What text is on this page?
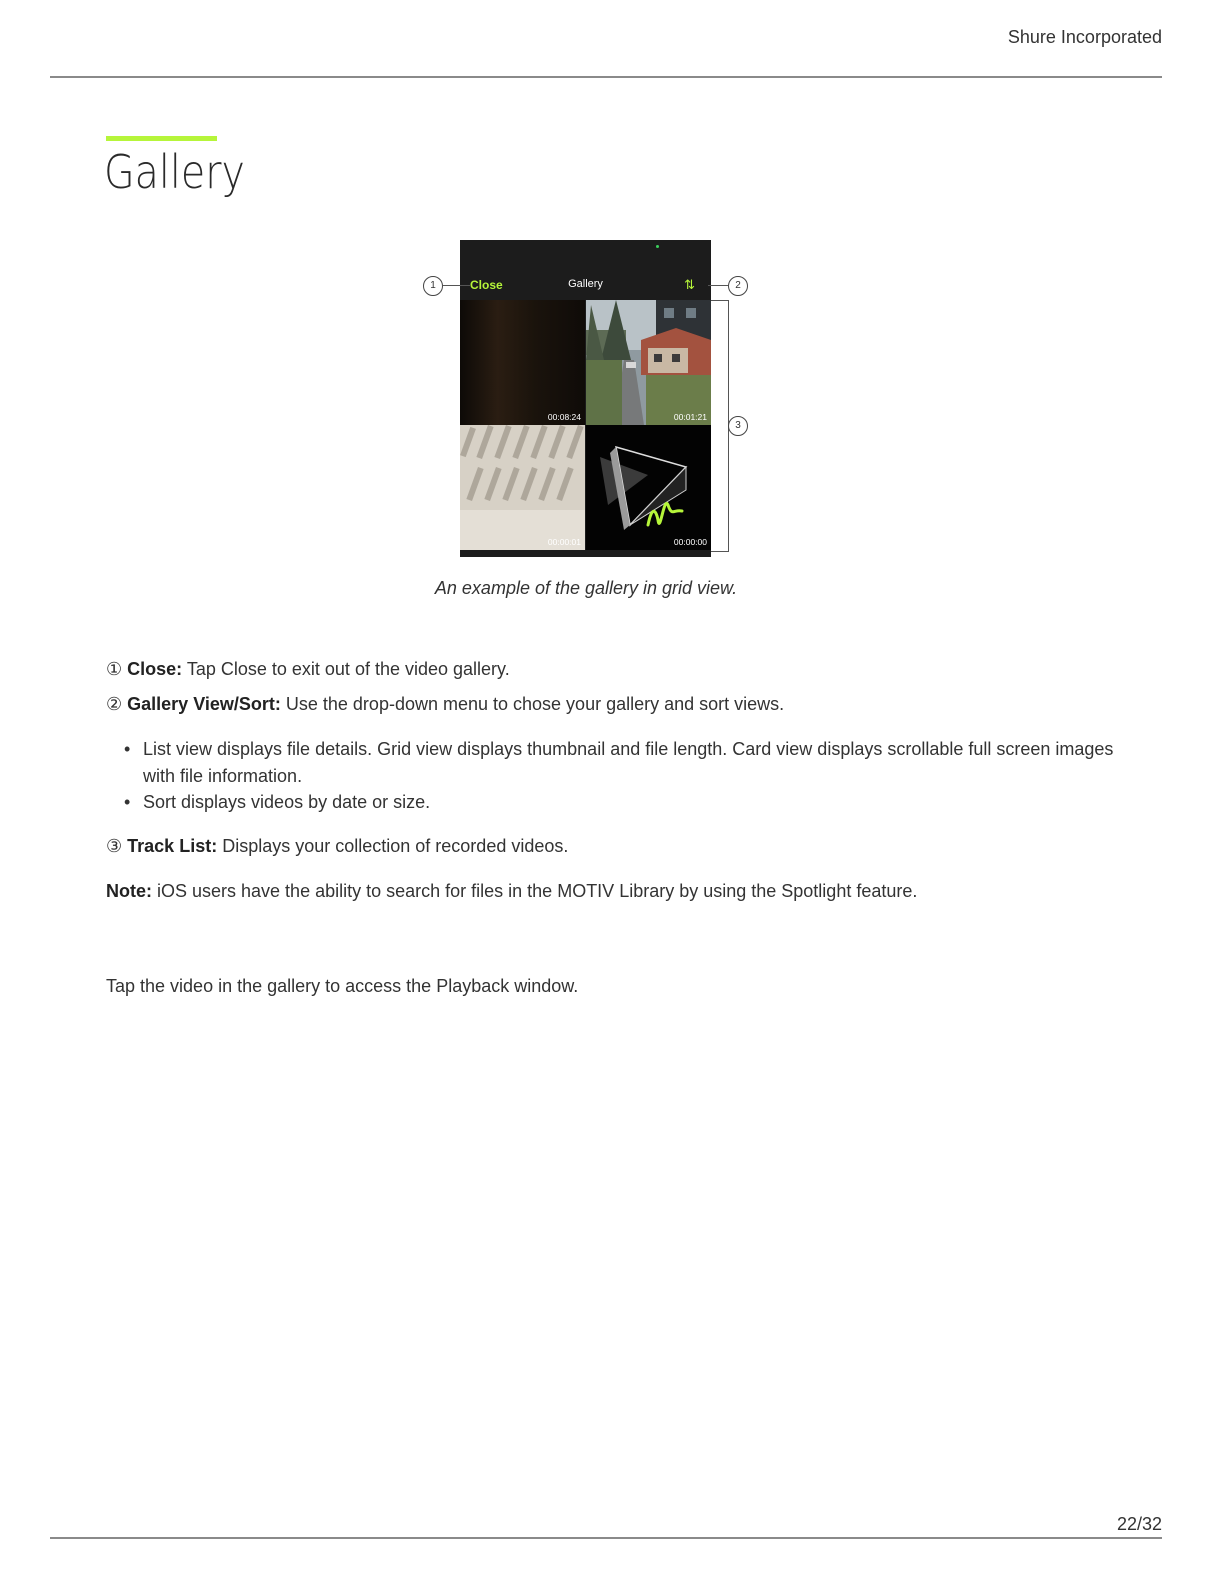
Shure Incorporated
Gallery
Close	Gallery	⇅
00:08:24	00:01:21
00:00:01	00:00:00
1	2
3
An example of the gallery in grid view.
① Close: Tap Close to exit out of the video gallery.
② Gallery View/Sort: Use the drop-down menu to chose your gallery and sort views.
• List view displays file details. Grid view displays thumbnail and file length. Card view displays scrollable full screen images with file information.
• Sort displays videos by date or size.
③ Track List: Displays your collection of recorded videos.
Note: iOS users have the ability to search for files in the MOTIV Library by using the Spotlight feature.
Tap the video in the gallery to access the Playback window.
22/32
